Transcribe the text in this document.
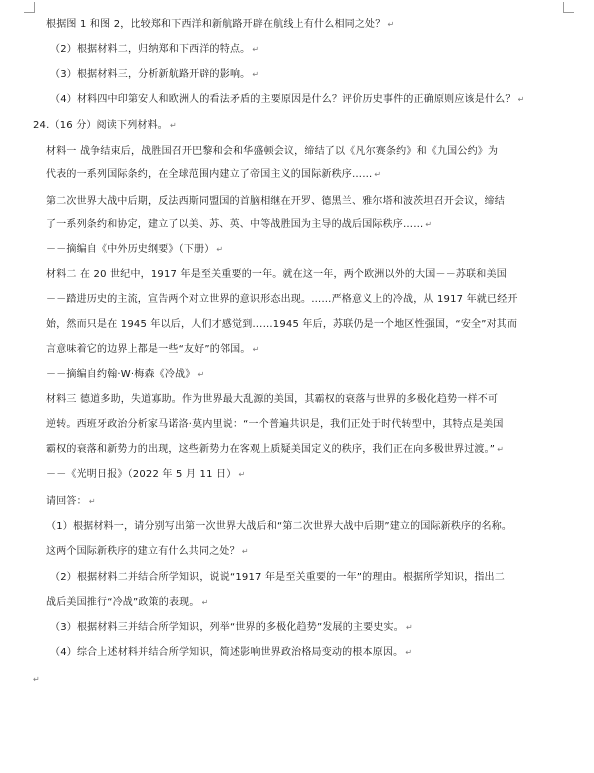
根据图 1 和图 2，比较郑和下西洋和新航路开辟在航线上有什么相同之处？ ↵
（2）根据材料二，归纳郑和下西洋的特点。 ↵
（3）根据材料三，分析新航路开辟的影响。 ↵
（4）材料四中印第安人和欧洲人的看法矛盾的主要原因是什么？评价历史事件的正确原则应该是什么？ ↵
24.（16 分）阅读下列材料。 ↵
材料一 战争结束后，战胜国召开巴黎和会和华盛顿会议，缔结了以《凡尔赛条约》和《九国公约》为
代表的一系列国际条约，在全球范围内建立了帝国主义的国际新秩序…… ↵
第二次世界大战中后期，反法西斯同盟国的首脑相继在开罗、德黑兰、雅尔塔和波茨坦召开会议，缔结
了一系列条约和协定，建立了以美、苏、英、中等战胜国为主导的战后国际秩序…… ↵
－－摘编自《中外历史纲要》（下册） ↵
材料二 在 20 世纪中，1917 年是至关重要的一年。就在这一年，两个欧洲以外的大国－－苏联和美国
－－踏进历史的主流，宣告两个对立世界的意识形态出现。……严格意义上的冷战，从 1917 年就已经开
始，然而只是在 1945 年以后，人们才感觉到……1945 年后，苏联仍是一个地区性强国，“安全”对其而
言意味着它的边界上都是一些“友好”的邻国。 ↵
－－摘编自约翰·W·梅森《冷战》 ↵
材料三 德道多助，失道寡助。作为世界最大乱源的美国，其霸权的衰落与世界的多极化趋势一样不可
逆转。西班牙政治分析家马诺洛·莫内里说：“一个普遍共识是，我们正处于时代转型中，其特点是美国
霸权的衰落和新势力的出现，这些新势力在客观上质疑美国定义的秩序，我们正在向多极世界过渡。” ↵
－－《光明日报》（2022 年 5 月 11 日） ↵
请回答： ↵
（1）根据材料一，请分别写出第一次世界大战后和“第二次世界大战中后期”建立的国际新秩序的名称。
这两个国际新秩序的建立有什么共同之处？ ↵
（2）根据材料二并结合所学知识，说说“1917 年是至关重要的一年”的理由。根据所学知识，指出二
战后美国推行“冷战”政策的表现。 ↵
（3）根据材料三并结合所学知识，列举“世界的多极化趋势”发展的主要史实。 ↵
（4）综合上述材料并结合所学知识，简述影响世界政治格局变动的根本原因。 ↵
↵
